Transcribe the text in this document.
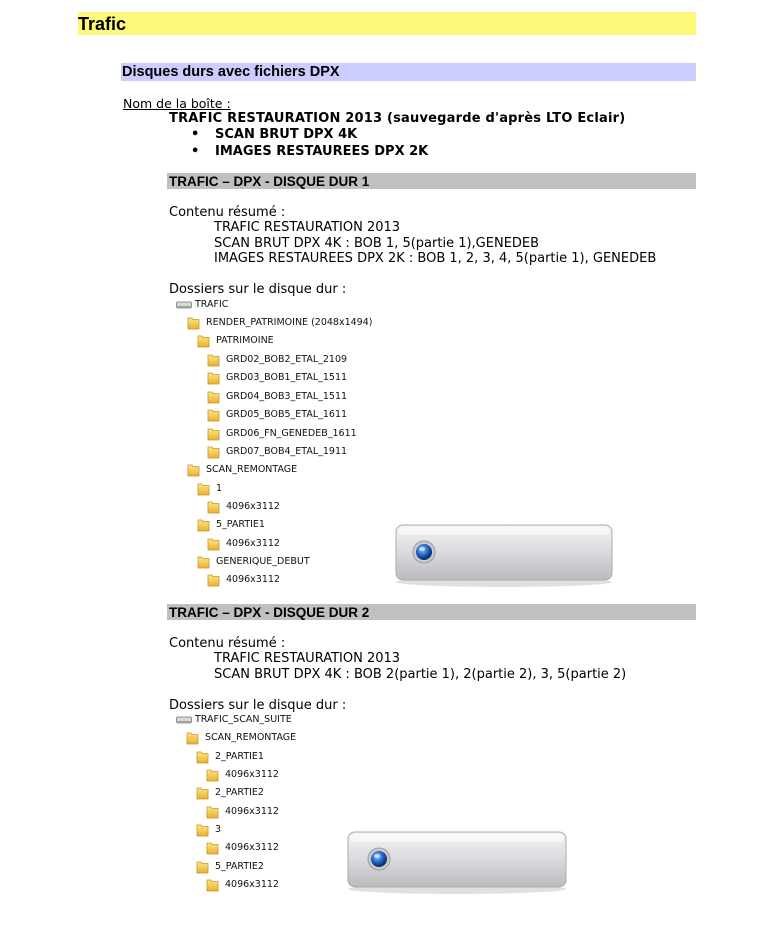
Trafic
Disques durs avec fichiers DPX
Nom de la boîte :
TRAFIC RESTAURATION 2013 (sauvegarde d'après LTO Eclair)
• SCAN BRUT DPX 4K
• IMAGES RESTAUREES DPX 2K
TRAFIC – DPX - DISQUE DUR 1
Contenu résumé :
TRAFIC RESTAURATION 2013
SCAN BRUT DPX 4K : BOB 1, 5(partie 1),GENEDEB
IMAGES RESTAUREES DPX 2K : BOB 1, 2, 3, 4, 5(partie 1), GENEDEB
Dossiers sur le disque dur :
TRAFIC
RENDER_PATRIMOINE (2048x1494)
PATRIMOINE
GRD02_BOB2_ETAL_2109
GRD03_BOB1_ETAL_1511
GRD04_BOB3_ETAL_1511
GRD05_BOB5_ETAL_1611
GRD06_FN_GENEDEB_1611
GRD07_BOB4_ETAL_1911
SCAN_REMONTAGE
1
4096x3112
5_PARTIE1
4096x3112
GENERIQUE_DEBUT
4096x3112
TRAFIC – DPX - DISQUE DUR 2
Contenu résumé :
TRAFIC RESTAURATION 2013
SCAN BRUT DPX 4K : BOB 2(partie 1), 2(partie 2), 3, 5(partie 2)
Dossiers sur le disque dur :
TRAFIC_SCAN_SUITE
SCAN_REMONTAGE
2_PARTIE1
4096x3112
2_PARTIE2
4096x3112
3
4096x3112
5_PARTIE2
4096x3112
